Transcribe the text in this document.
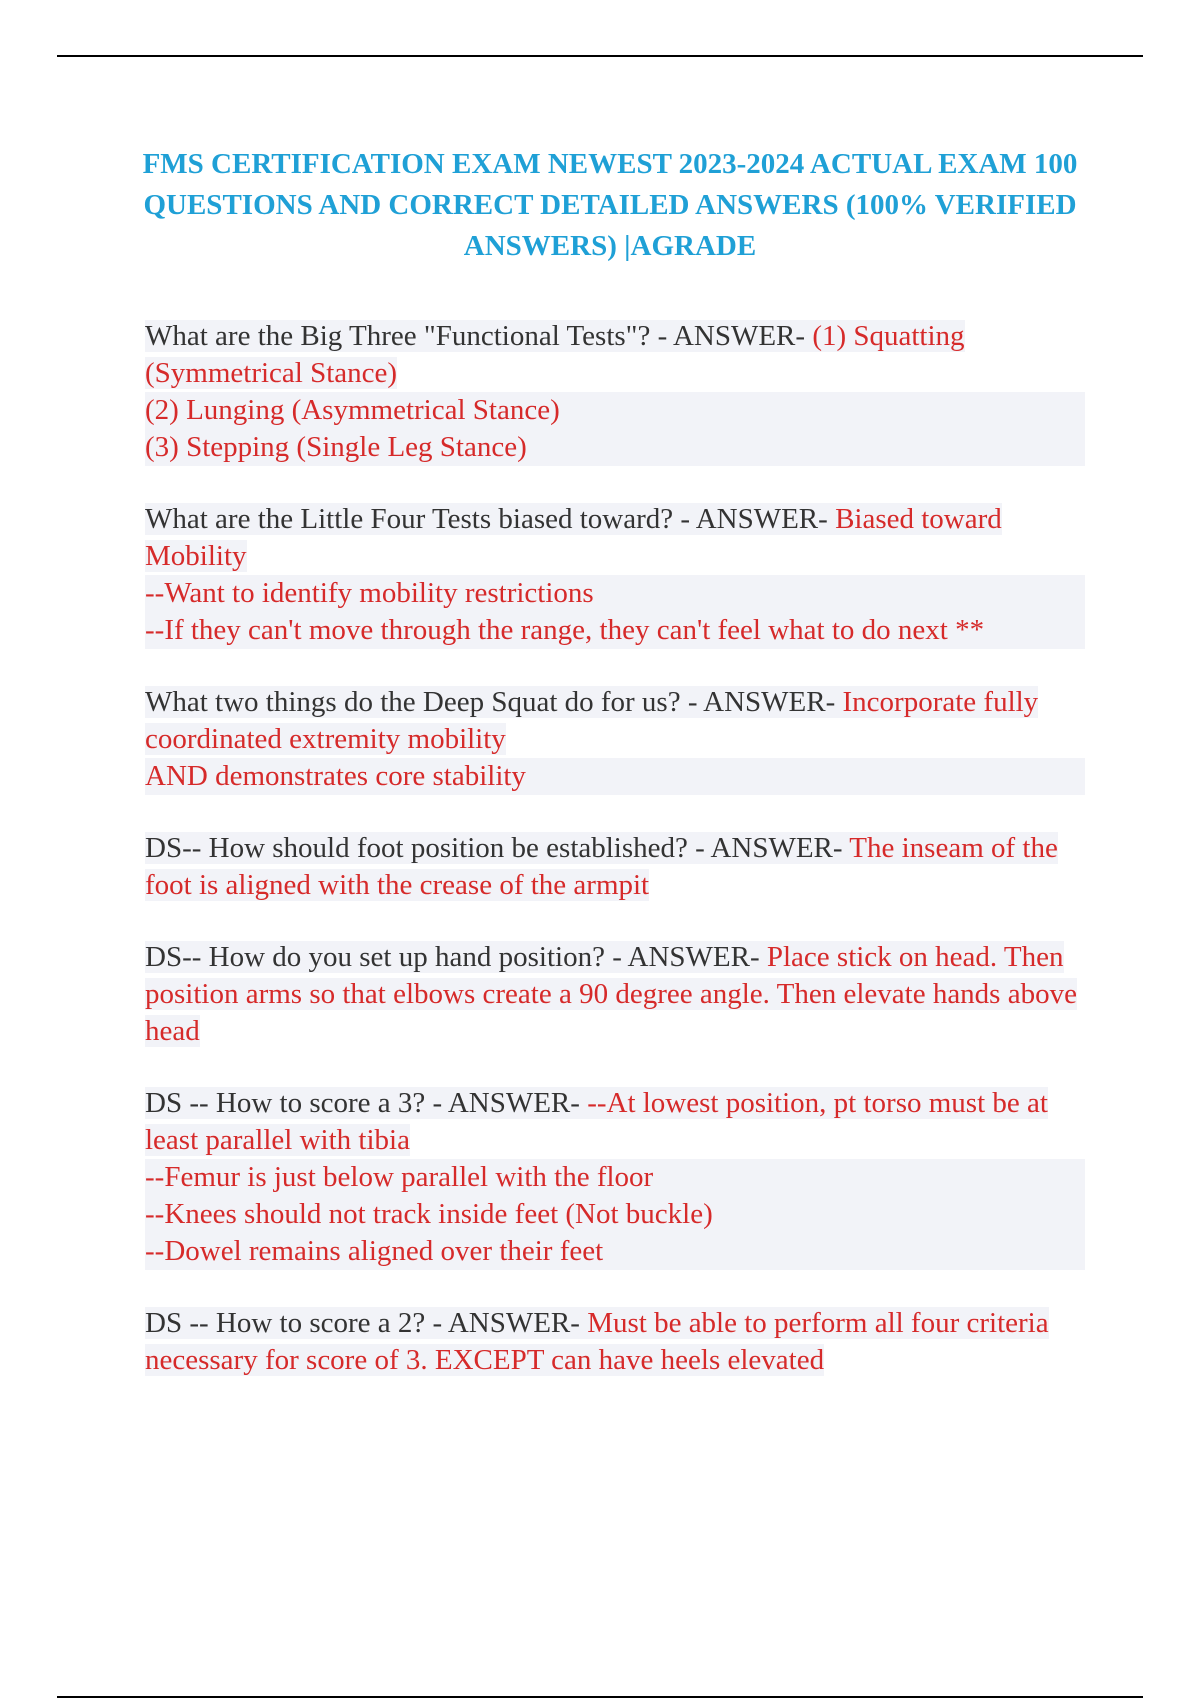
FMS CERTIFICATION EXAM NEWEST 2023-2024 ACTUAL EXAM 100 QUESTIONS AND CORRECT DETAILED ANSWERS (100% VERIFIED ANSWERS) |AGRADE

What are the Big Three "Functional Tests"? - ANSWER- (1) Squatting (Symmetrical Stance)
(2) Lunging (Asymmetrical Stance)
(3) Stepping (Single Leg Stance)

What are the Little Four Tests biased toward? - ANSWER- Biased toward Mobility
--Want to identify mobility restrictions
--If they can't move through the range, they can't feel what to do next **

What two things do the Deep Squat do for us? - ANSWER- Incorporate fully coordinated extremity mobility
AND demonstrates core stability

DS-- How should foot position be established? - ANSWER- The inseam of the foot is aligned with the crease of the armpit

DS-- How do you set up hand position? - ANSWER- Place stick on head. Then position arms so that elbows create a 90 degree angle. Then elevate hands above head

DS -- How to score a 3? - ANSWER- --At lowest position, pt torso must be at least parallel with tibia
--Femur is just below parallel with the floor
--Knees should not track inside feet (Not buckle)
--Dowel remains aligned over their feet

DS -- How to score a 2? - ANSWER- Must be able to perform all four criteria necessary for score of 3. EXCEPT can have heels elevated
